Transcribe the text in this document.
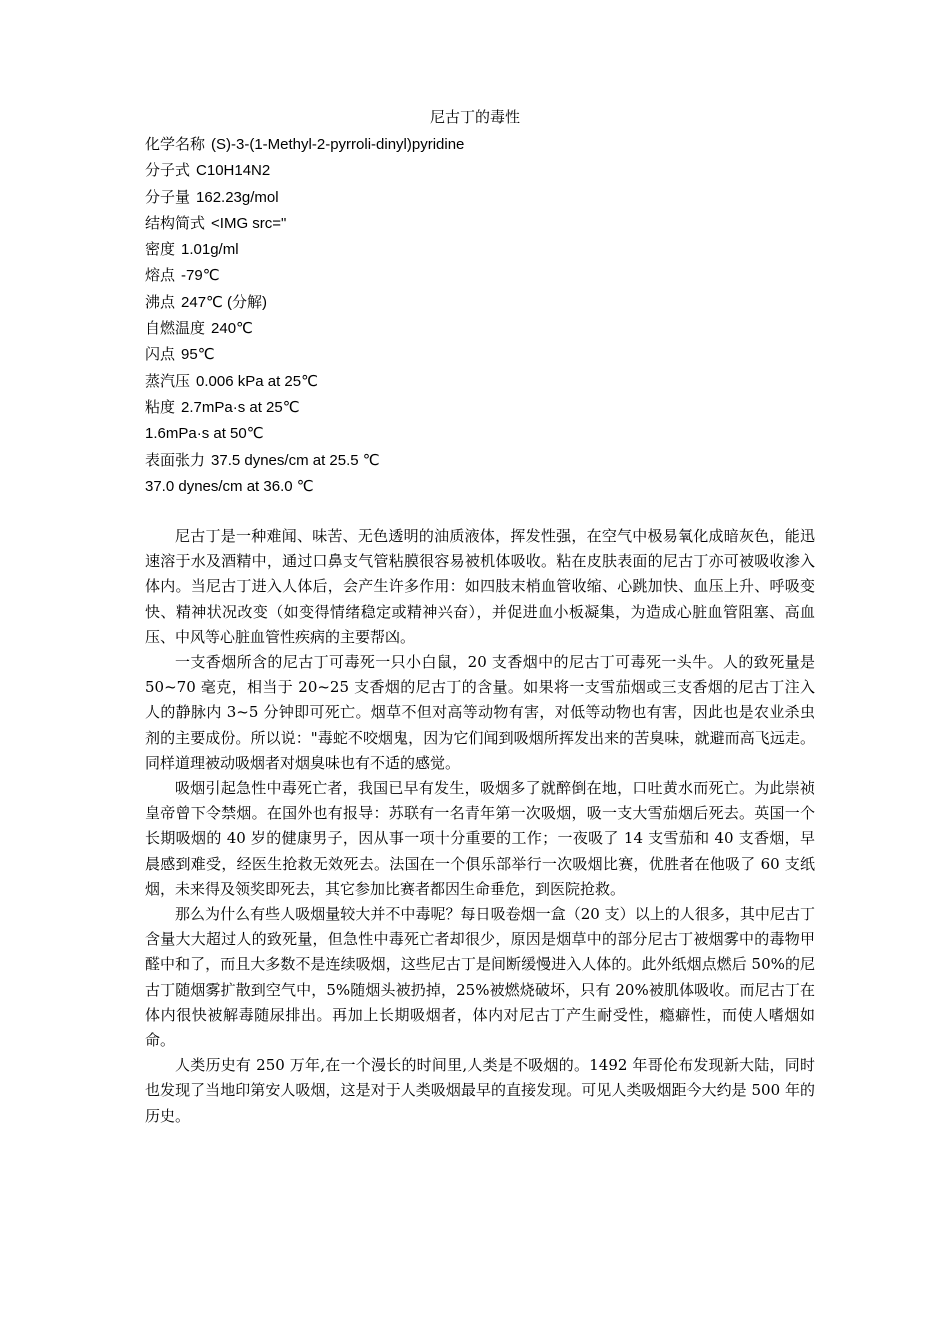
尼古丁的毒性
化学名称 (S)-3-(1-Methyl-2-pyrroli-dinyl)pyridine
分子式 C10H14N2
分子量 162.23g/mol
结构简式 <IMG src="
密度 1.01g/ml
熔点 -79℃
沸点 247℃ (分解)
自燃温度 240℃
闪点 95℃
蒸汽压 0.006 kPa at 25℃
粘度 2.7mPa·s at 25℃
1.6mPa·s at 50℃
表面张力 37.5 dynes/cm at 25.5 ℃
37.0 dynes/cm at 36.0 ℃

尼古丁是一种难闻、味苦、无色透明的油质液体，挥发性强，在空气中极易氧化成暗灰色，能迅速溶于水及酒精中，通过口鼻支气管粘膜很容易被机体吸收。粘在皮肤表面的尼古丁亦可被吸收渗入体内。当尼古丁进入人体后，会产生许多作用：如四肢末梢血管收缩、心跳加快、血压上升、呼吸变快、精神状况改变（如变得情绪稳定或精神兴奋），并促进血小板凝集，为造成心脏血管阻塞、高血压、中风等心脏血管性疾病的主要帮凶。

一支香烟所含的尼古丁可毒死一只小白鼠，20 支香烟中的尼古丁可毒死一头牛。人的致死量是 50~70 毫克，相当于 20~25 支香烟的尼古丁的含量。如果将一支雪茄烟或三支香烟的尼古丁注入人的静脉内 3~5 分钟即可死亡。烟草不但对高等动物有害，对低等动物也有害，因此也是农业杀虫剂的主要成份。所以说："毒蛇不咬烟鬼，因为它们闻到吸烟所挥发出来的苦臭味，就避而高飞远走。同样道理被动吸烟者对烟臭味也有不适的感觉。

吸烟引起急性中毒死亡者，我国已早有发生，吸烟多了就醉倒在地，口吐黄水而死亡。为此崇祯皇帝曾下令禁烟。在国外也有报导：苏联有一名青年第一次吸烟，吸一支大雪茄烟后死去。英国一个长期吸烟的 40 岁的健康男子，因从事一项十分重要的工作；一夜吸了 14 支雪茄和 40 支香烟，早晨感到难受，经医生抢救无效死去。法国在一个俱乐部举行一次吸烟比赛，优胜者在他吸了 60 支纸烟，未来得及领奖即死去，其它参加比赛者都因生命垂危，到医院抢救。

那么为什么有些人吸烟量较大并不中毒呢？每日吸卷烟一盒（20 支）以上的人很多，其中尼古丁含量大大超过人的致死量，但急性中毒死亡者却很少，原因是烟草中的部分尼古丁被烟雾中的毒物甲醛中和了，而且大多数不是连续吸烟，这些尼古丁是间断缓慢进入人体的。此外纸烟点燃后 50%的尼古丁随烟雾扩散到空气中，5%随烟头被扔掉，25%被燃烧破坏，只有 20%被肌体吸收。而尼古丁在体内很快被解毒随尿排出。再加上长期吸烟者，体内对尼古丁产生耐受性，瘾癖性，而使人嗜烟如命。

人类历史有 250 万年,在一个漫长的时间里,人类是不吸烟的。1492 年哥伦布发现新大陆，同时也发现了当地印第安人吸烟，这是对于人类吸烟最早的直接发现。可见人类吸烟距今大约是 500 年的历史。
